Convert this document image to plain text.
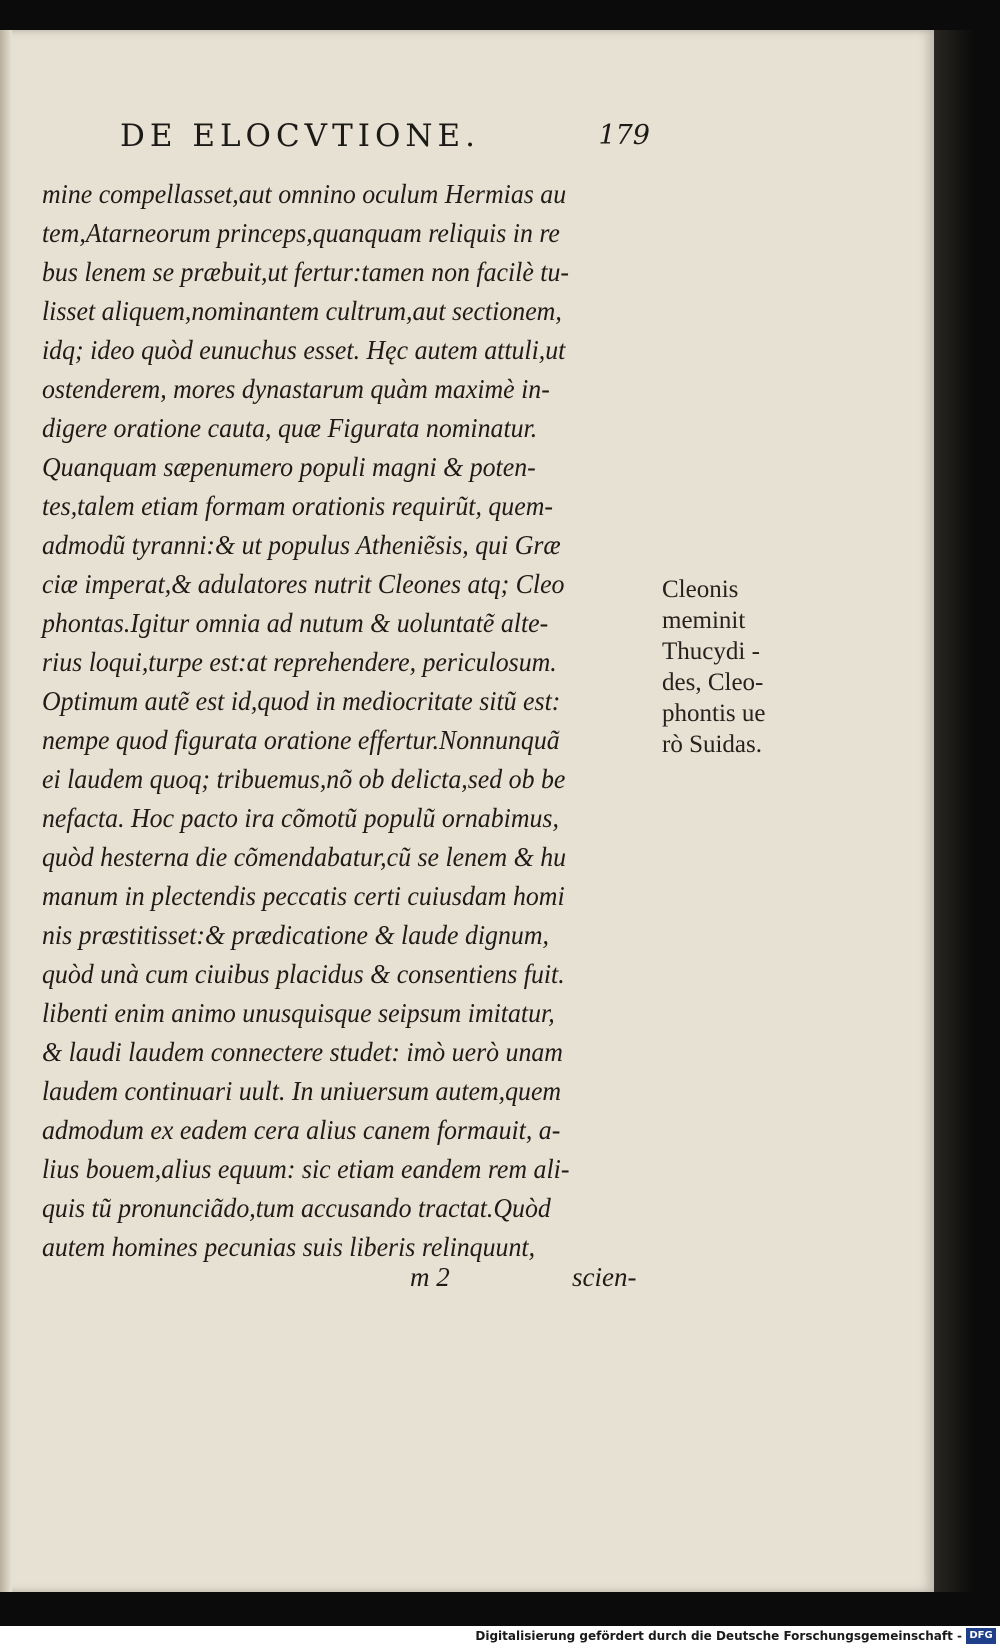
DE ELOCVTIONE.	179
mine compellasset,aut omnino oculum Hermias au
tem,Atarneorum princeps,quanquam reliquis in re
bus lenem se præbuit,ut fertur:tamen non facilè tu-
lisset aliquem,nominantem cultrum,aut sectionem,
idq; ideo quòd eunuchus esset. Hęc autem attuli,ut
ostenderem, mores dynastarum quàm maximè in-
digere oratione cauta, quæ Figurata nominatur.
Quanquam sæpenumero populi magni & poten-
tes,talem etiam formam orationis requirũt, quem-
admodũ tyranni:& ut populus Atheniẽsis, qui Græ
ciæ imperat,& adulatores nutrit Cleones atq; Cleo
phontas.Igitur omnia ad nutum & uoluntatẽ alte-
rius loqui,turpe est:at reprehendere, periculosum.
Optimum autẽ est id,quod in mediocritate sitũ est:
nempe quod figurata oratione effertur.Nonnunquã
ei laudem quoq; tribuemus,nõ ob delicta,sed ob be
nefacta. Hoc pacto ira cõmotũ populũ ornabimus,
quòd hesterna die cõmendabatur,cũ se lenem & hu
manum in plectendis peccatis certi cuiusdam homi
nis præstitisset:& prædicatione & laude dignum,
quòd unà cum ciuibus placidus & consentiens fuit.
libenti enim animo unusquisque seipsum imitatur,
& laudi laudem connectere studet: imò uerò unam
laudem continuari uult. In uniuersum autem,quem
admodum ex eadem cera alius canem formauit, a-
lius bouem,alius equum: sic etiam eandem rem ali-
quis tũ pronunciãdo,tum accusando tractat.Quòd
autem homines pecunias suis liberis relinquunt,
m 2	scien-
Cleonis
meminit
Thucydi -
des, Cleo-
phontis ue
rò Suidas.
Digitalisierung gefördert durch die Deutsche Forschungsgemeinschaft - DFG
